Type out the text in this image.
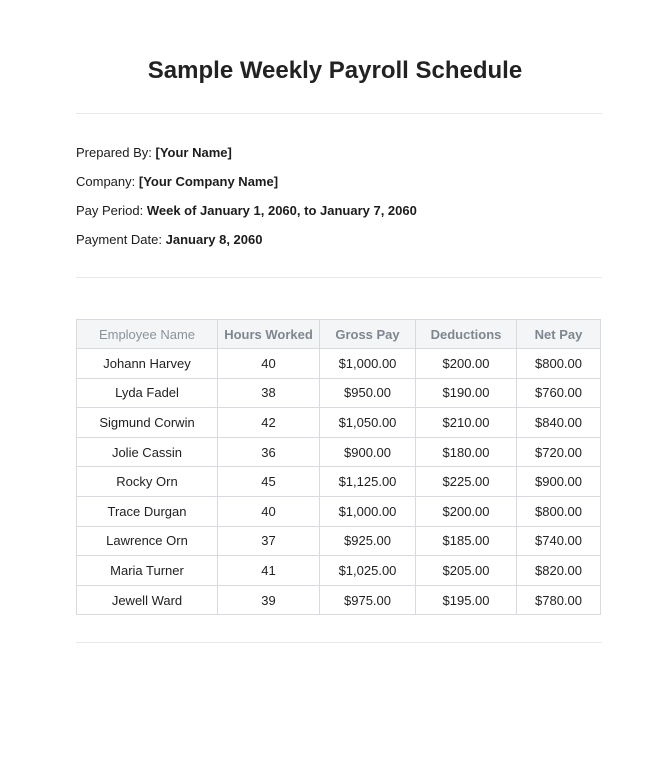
Sample Weekly Payroll Schedule
Prepared By: [Your Name]
Company: [Your Company Name]
Pay Period: Week of January 1, 2060, to January 7, 2060
Payment Date: January 8, 2060
Employee Name	Hours Worked	Gross Pay	Deductions	Net Pay
Johann Harvey	40	$1,000.00	$200.00	$800.00
Lyda Fadel	38	$950.00	$190.00	$760.00
Sigmund Corwin	42	$1,050.00	$210.00	$840.00
Jolie Cassin	36	$900.00	$180.00	$720.00
Rocky Orn	45	$1,125.00	$225.00	$900.00
Trace Durgan	40	$1,000.00	$200.00	$800.00
Lawrence Orn	37	$925.00	$185.00	$740.00
Maria Turner	41	$1,025.00	$205.00	$820.00
Jewell Ward	39	$975.00	$195.00	$780.00
